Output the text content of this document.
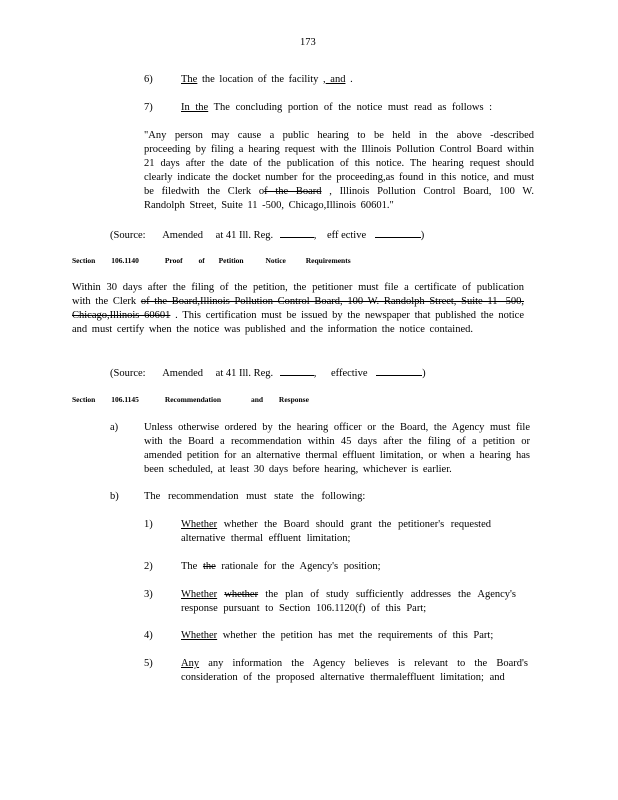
173
6)	The the location of the facility , and .
7)	In the The concluding portion of the notice must read as follows :
"Any person may cause a public hearing to be held in the above -described proceeding by filing a hearing request with the Illinois Pollution Control Board within 21 days after the date of the publication of this notice. The hearing request should clearly indicate the docket number for the proceeding,as found in this notice, and must be filedwith the Clerk of the Board , Illinois Pollution Control Board, 100 W. Randolph Street, Suite 11 -500, Chicago,Illinois 60601."
(Source: Amended at 41 Ill. Reg.	, eff ective	)
Section 106.1140	Proof of Petition	Notice	Requirements
Within 30 days after the filing of the petition, the petitioner must file a certificate of publication with the Clerk of the Board,Illinois Pollution Control Board, 100 W. Randolph Street, Suite 11 -500, Chicago,Illinois 60601 . This certification must be issued by the newspaper that published the notice and must certify when the notice was published and the information the notice contained.
(Source: Amended at 41 Ill. Reg.	, effective	)
Section 106.1145	Recommendation	and Response
a) Unless otherwise ordered by the hearing officer or the Board, the Agency must file with the Board a recommendation within 45 days after the filing of a petition or amended petition for an alternative thermal effluent limitation, or when a hearing has been scheduled, at least 30 days before hearing, whichever is earlier.
b) The recommendation must state the following:
1)	Whether whether the Board should grant the petitioner's requested alternative thermal effluent limitation;
2)	The the rationale for the Agency's position;
3)	Whether whether the plan of study sufficiently addresses the Agency's response pursuant to Section 106.1120(f) of this Part;
4)	Whether whether the petition has met the requirements of this Part;
5)	Any any information the Agency believes is relevant to the Board's consideration of the proposed alternative thermaleffluent limitation; and
